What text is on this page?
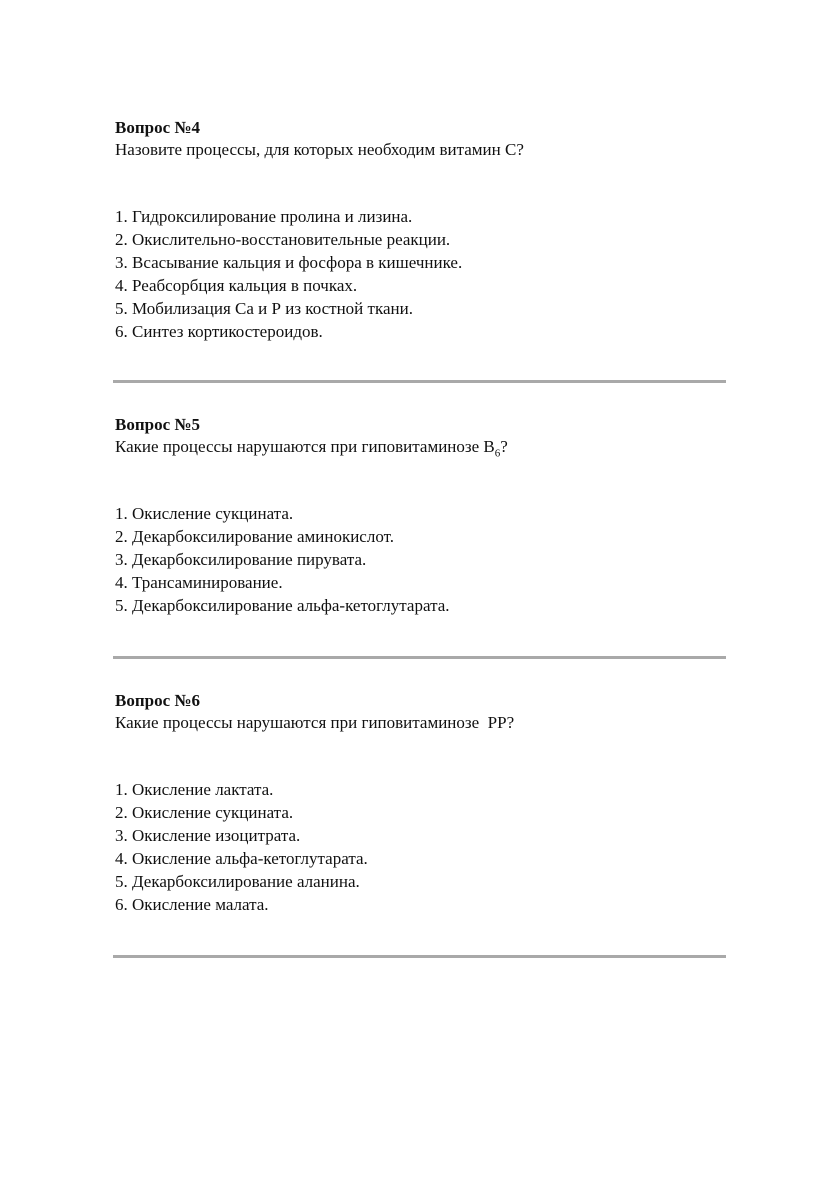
Вопрос №4

Назовите процессы, для которых необходим витамин С?

1. Гидроксилирование пролина и лизина.
2. Окислительно-восстановительные реакции.
3. Всасывание кальция и фосфора в кишечнике.
4. Реабсорбция кальция в почках.
5. Мобилизация Са и Р из костной ткани.
6. Синтез кортикостероидов.

Вопрос №5

Какие процессы нарушаются при гиповитаминозе $В_6$?

1. Окисление сукцината.
2. Декарбоксилирование аминокислот.
3. Декарбоксилирование пирувата.
4. Трансаминирование.
5. Декарбоксилирование альфа-кетоглутарата.

Вопрос №6

Какие процессы нарушаются при гиповитаминозе  РР?

1. Окисление лактата.
2. Окисление сукцината.
3. Окисление изоцитрата.
4. Окисление альфа-кетоглутарата.
5. Декарбоксилирование аланина.
6. Окисление малата.
